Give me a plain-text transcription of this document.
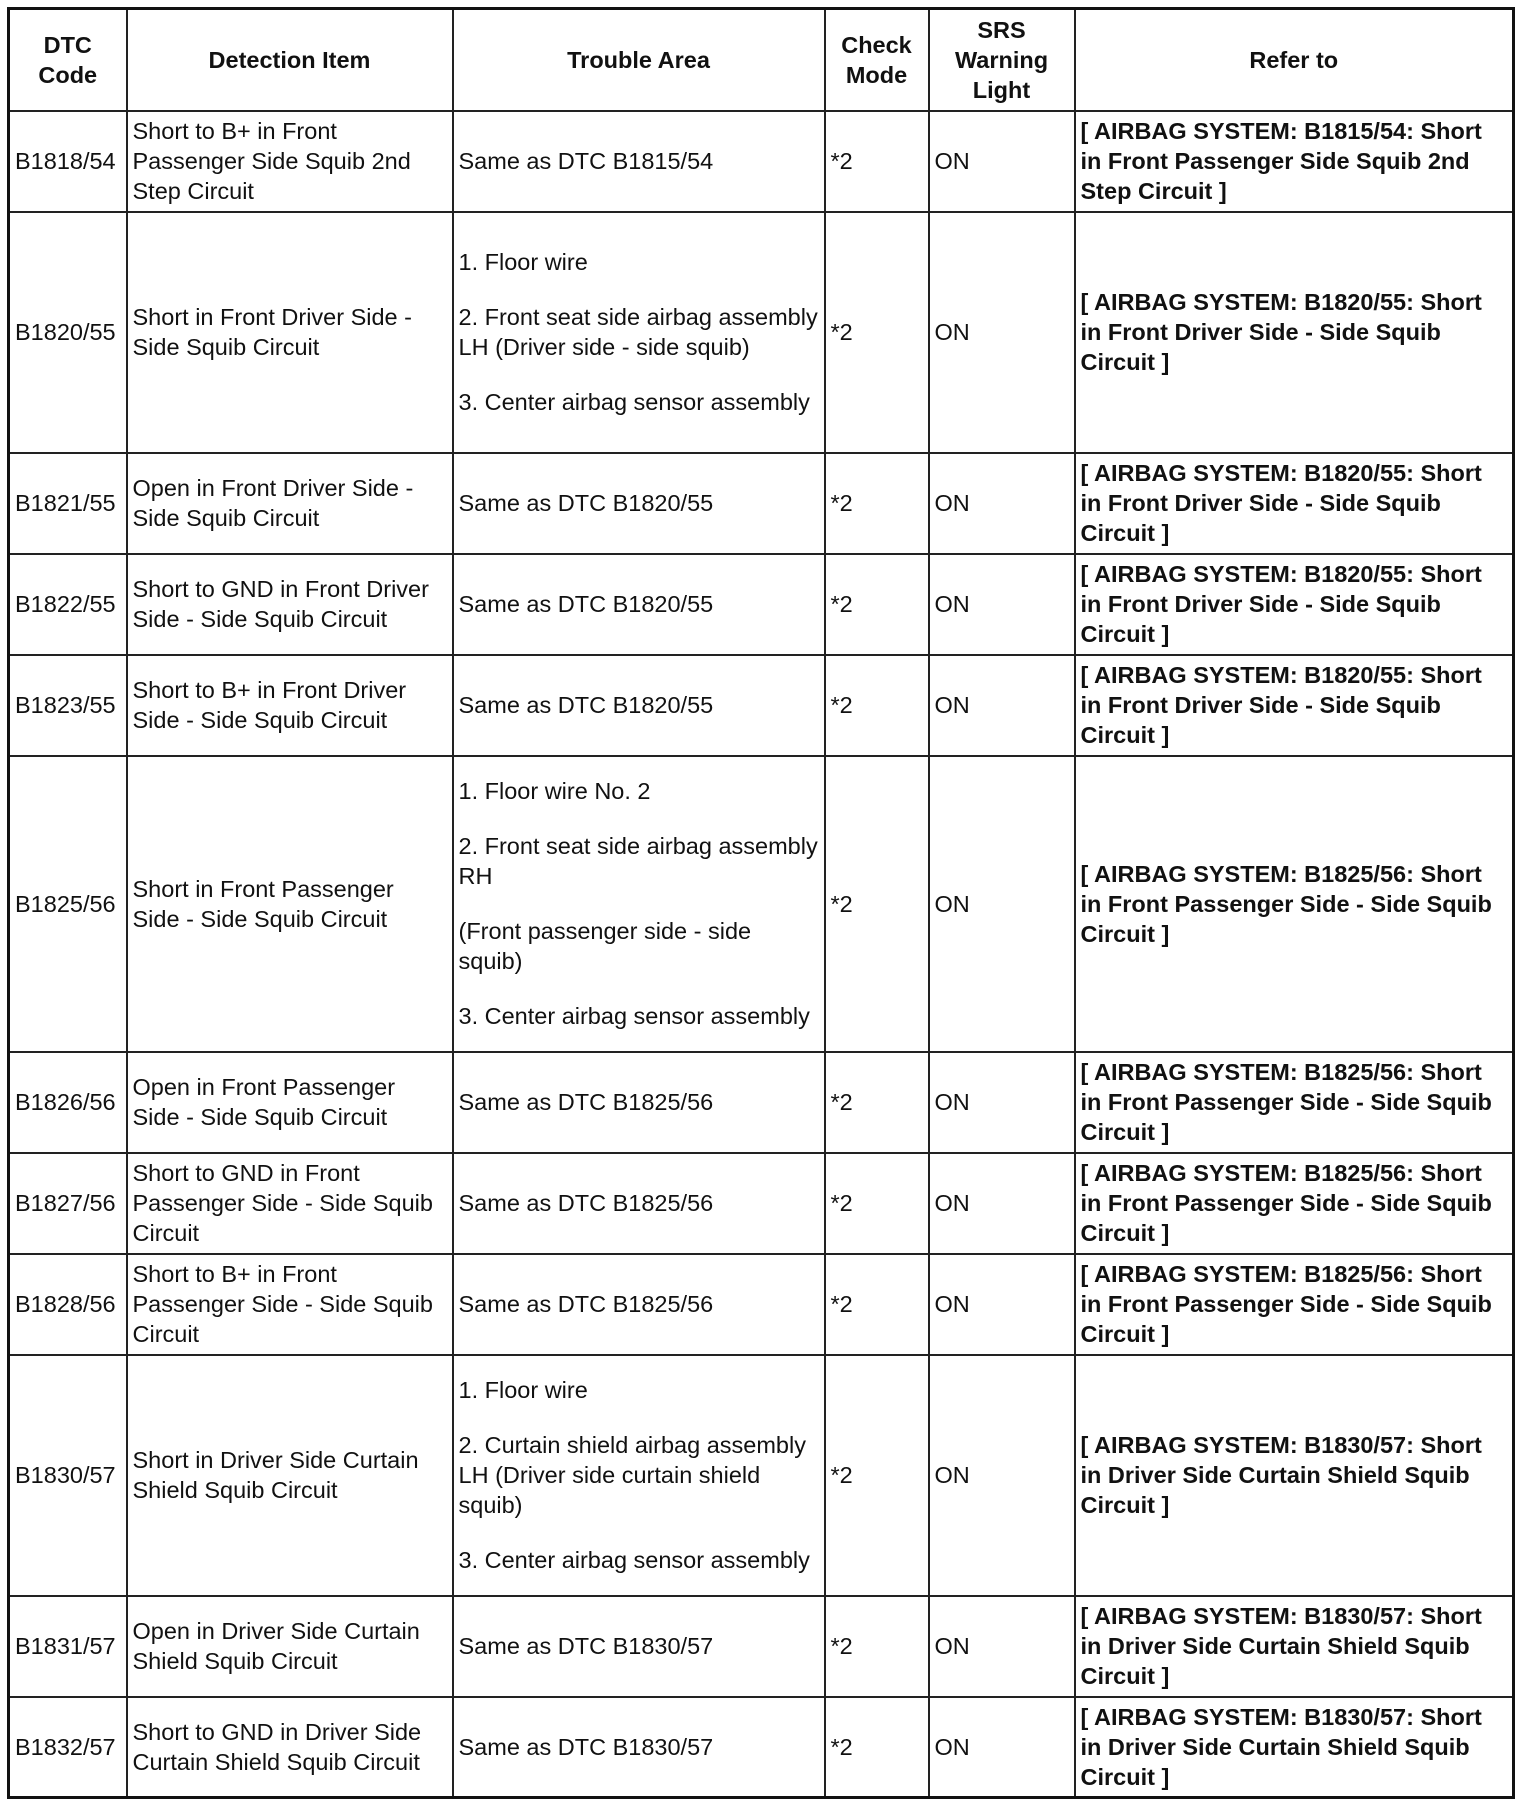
DTC Code	Detection Item	Trouble Area	Check Mode	SRS Warning Light	Refer to
B1818/54	Short to B+ in Front Passenger Side Squib 2nd Step Circuit	Same as DTC B1815/54	*2	ON	[ AIRBAG SYSTEM: B1815/54: Short in Front Passenger Side Squib 2nd Step Circuit ]
B1820/55	Short in Front Driver Side - Side Squib Circuit	1. Floor wire

2. Front seat side airbag assembly LH (Driver side - side squib)

3. Center airbag sensor assembly	*2	ON	[ AIRBAG SYSTEM: B1820/55: Short in Front Driver Side - Side Squib Circuit ]
B1821/55	Open in Front Driver Side - Side Squib Circuit	Same as DTC B1820/55	*2	ON	[ AIRBAG SYSTEM: B1820/55: Short in Front Driver Side - Side Squib Circuit ]
B1822/55	Short to GND in Front Driver Side - Side Squib Circuit	Same as DTC B1820/55	*2	ON	[ AIRBAG SYSTEM: B1820/55: Short in Front Driver Side - Side Squib Circuit ]
B1823/55	Short to B+ in Front Driver Side - Side Squib Circuit	Same as DTC B1820/55	*2	ON	[ AIRBAG SYSTEM: B1820/55: Short in Front Driver Side - Side Squib Circuit ]
B1825/56	Short in Front Passenger Side - Side Squib Circuit	1. Floor wire No. 2

2. Front seat side airbag assembly RH

(Front passenger side - side squib)

3. Center airbag sensor assembly	*2	ON	[ AIRBAG SYSTEM: B1825/56: Short in Front Passenger Side - Side Squib Circuit ]
B1826/56	Open in Front Passenger Side - Side Squib Circuit	Same as DTC B1825/56	*2	ON	[ AIRBAG SYSTEM: B1825/56: Short in Front Passenger Side - Side Squib Circuit ]
B1827/56	Short to GND in Front Passenger Side - Side Squib Circuit	Same as DTC B1825/56	*2	ON	[ AIRBAG SYSTEM: B1825/56: Short in Front Passenger Side - Side Squib Circuit ]
B1828/56	Short to B+ in Front Passenger Side - Side Squib Circuit	Same as DTC B1825/56	*2	ON	[ AIRBAG SYSTEM: B1825/56: Short in Front Passenger Side - Side Squib Circuit ]
B1830/57	Short in Driver Side Curtain Shield Squib Circuit	1. Floor wire

2. Curtain shield airbag assembly LH (Driver side curtain shield squib)

3. Center airbag sensor assembly	*2	ON	[ AIRBAG SYSTEM: B1830/57: Short in Driver Side Curtain Shield Squib Circuit ]
B1831/57	Open in Driver Side Curtain Shield Squib Circuit	Same as DTC B1830/57	*2	ON	[ AIRBAG SYSTEM: B1830/57: Short in Driver Side Curtain Shield Squib Circuit ]
B1832/57	Short to GND in Driver Side Curtain Shield Squib Circuit	Same as DTC B1830/57	*2	ON	[ AIRBAG SYSTEM: B1830/57: Short in Driver Side Curtain Shield Squib Circuit ]
